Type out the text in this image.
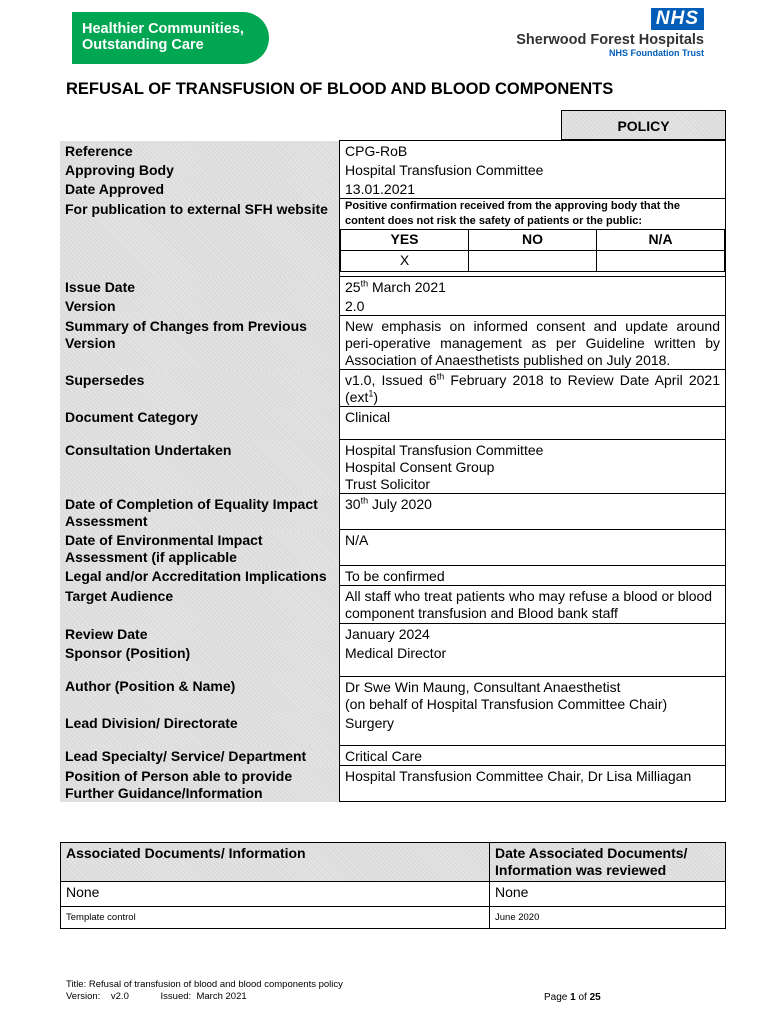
Healthier Communities,
Outstanding Care
NHS
Sherwood Forest Hospitals
NHS Foundation Trust
REFUSAL OF TRANSFUSION OF BLOOD AND BLOOD COMPONENTS
POLICY
Reference	CPG-RoB
Approving Body	Hospital Transfusion Committee
Date Approved	13.01.2021
For publication to external SFH website	Positive confirmation received from the approving body that the content does not risk the safety of patients or the public:
YES	NO	N/A
X		

Issue Date	25th March 2021
Version	2.0
Summary of Changes from Previous Version	New emphasis on informed consent and update around peri-operative management as per Guideline written by Association of Anaesthetists published on July 2018.
Supersedes	v1.0, Issued 6th February 2018 to Review Date April 2021 (ext$^1$)
Document Category	Clinical
Consultation Undertaken	Hospital Transfusion Committee
Hospital Consent Group
Trust Solicitor

Date of Completion of Equality Impact Assessment	30th July 2020
Date of Environmental Impact Assessment (if applicable	N/A
Legal and/or Accreditation Implications	To be confirmed
Target Audience	All staff who treat patients who may refuse a blood or blood component transfusion and Blood bank staff
Review Date	January 2024
Sponsor (Position)	Medical Director
Author (Position & Name)	Dr Swe Win Maung, Consultant Anaesthetist
(on behalf of Hospital Transfusion Committee Chair)

Lead Division/ Directorate	Surgery
Lead Specialty/ Service/ Department	Critical Care
Position of Person able to provide Further Guidance/Information	Hospital Transfusion Committee Chair, Dr Lisa Milliagan
Associated Documents/ Information	Date Associated Documents/ Information was reviewed
None	None
Template control	June 2020
Title: Refusal of transfusion of blood and blood components policy
Version: v2.0	Issued: March 2021	Page 1 of 25
